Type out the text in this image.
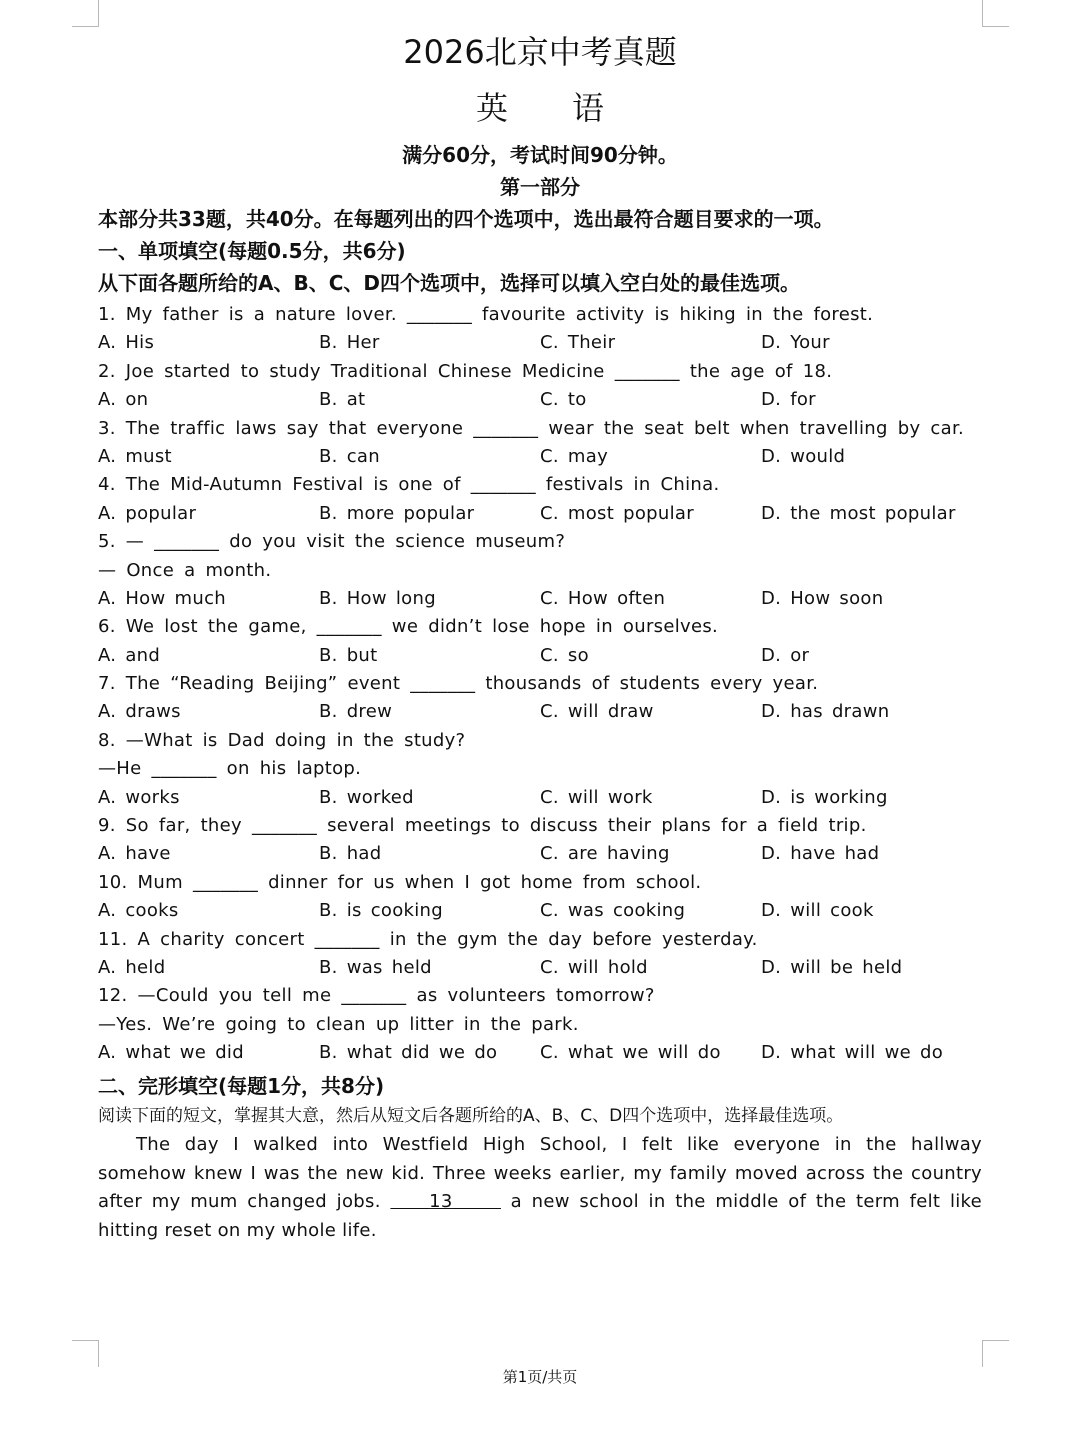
2026北京中考真题
英语
满分60分，考试时间90分钟。
第一部分
本部分共33题，共40分。在每题列出的四个选项中，选出最符合题目要求的一项。
一、单项填空(每题0.5分，共6分)
从下面各题所给的A、B、C、D四个选项中，选择可以填入空白处的最佳选项。
1. My father is a nature lover. _______ favourite activity is hiking in the forest.
A. His	B. Her	C. Their	D. Your
2. Joe started to study Traditional Chinese Medicine _______ the age of 18.
A. on	B. at	C. to	D. for
3. The traffic laws say that everyone _______ wear the seat belt when travelling by car.
A. must	B. can	C. may	D. would
4. The Mid-Autumn Festival is one of _______ festivals in China.
A. popular	B. more popular	C. most popular	D. the most popular
5. — _______ do you visit the science museum?
— Once a month.
A. How much	B. How long	C. How often	D. How soon
6. We lost the game, _______ we didn’t lose hope in ourselves.
A. and	B. but	C. so	D. or
7. The “Reading Beijing” event _______ thousands of students every year.
A. draws	B. drew	C. will draw	D. has drawn
8. —What is Dad doing in the study?
—He _______ on his laptop.
A. works	B. worked	C. will work	D. is working
9. So far, they _______ several meetings to discuss their plans for a field trip.
A. have	B. had	C. are having	D. have had
10. Mum _______ dinner for us when I got home from school.
A. cooks	B. is cooking	C. was cooking	D. will cook
11. A charity concert _______ in the gym the day before yesterday.
A. held	B. was held	C. will hold	D. will be held
12. —Could you tell me _______ as volunteers tomorrow?
—Yes. We’re going to clean up litter in the park.
A. what we did	B. what did we do C. what we will do D. what will we do
二、完形填空(每题1分，共8分)
阅读下面的短文，掌握其大意，然后从短文后各题所给的A、B、C、D四个选项中，选择最佳选项。
The day I walked into Westfield High School, I felt like everyone in the hallway
somehow knew I was the new kid. Three weeks earlier, my family moved across the country
after my mum changed jobs.	13	a new school in the middle of the term felt like
hitting reset on my whole life.
第1页/共页
